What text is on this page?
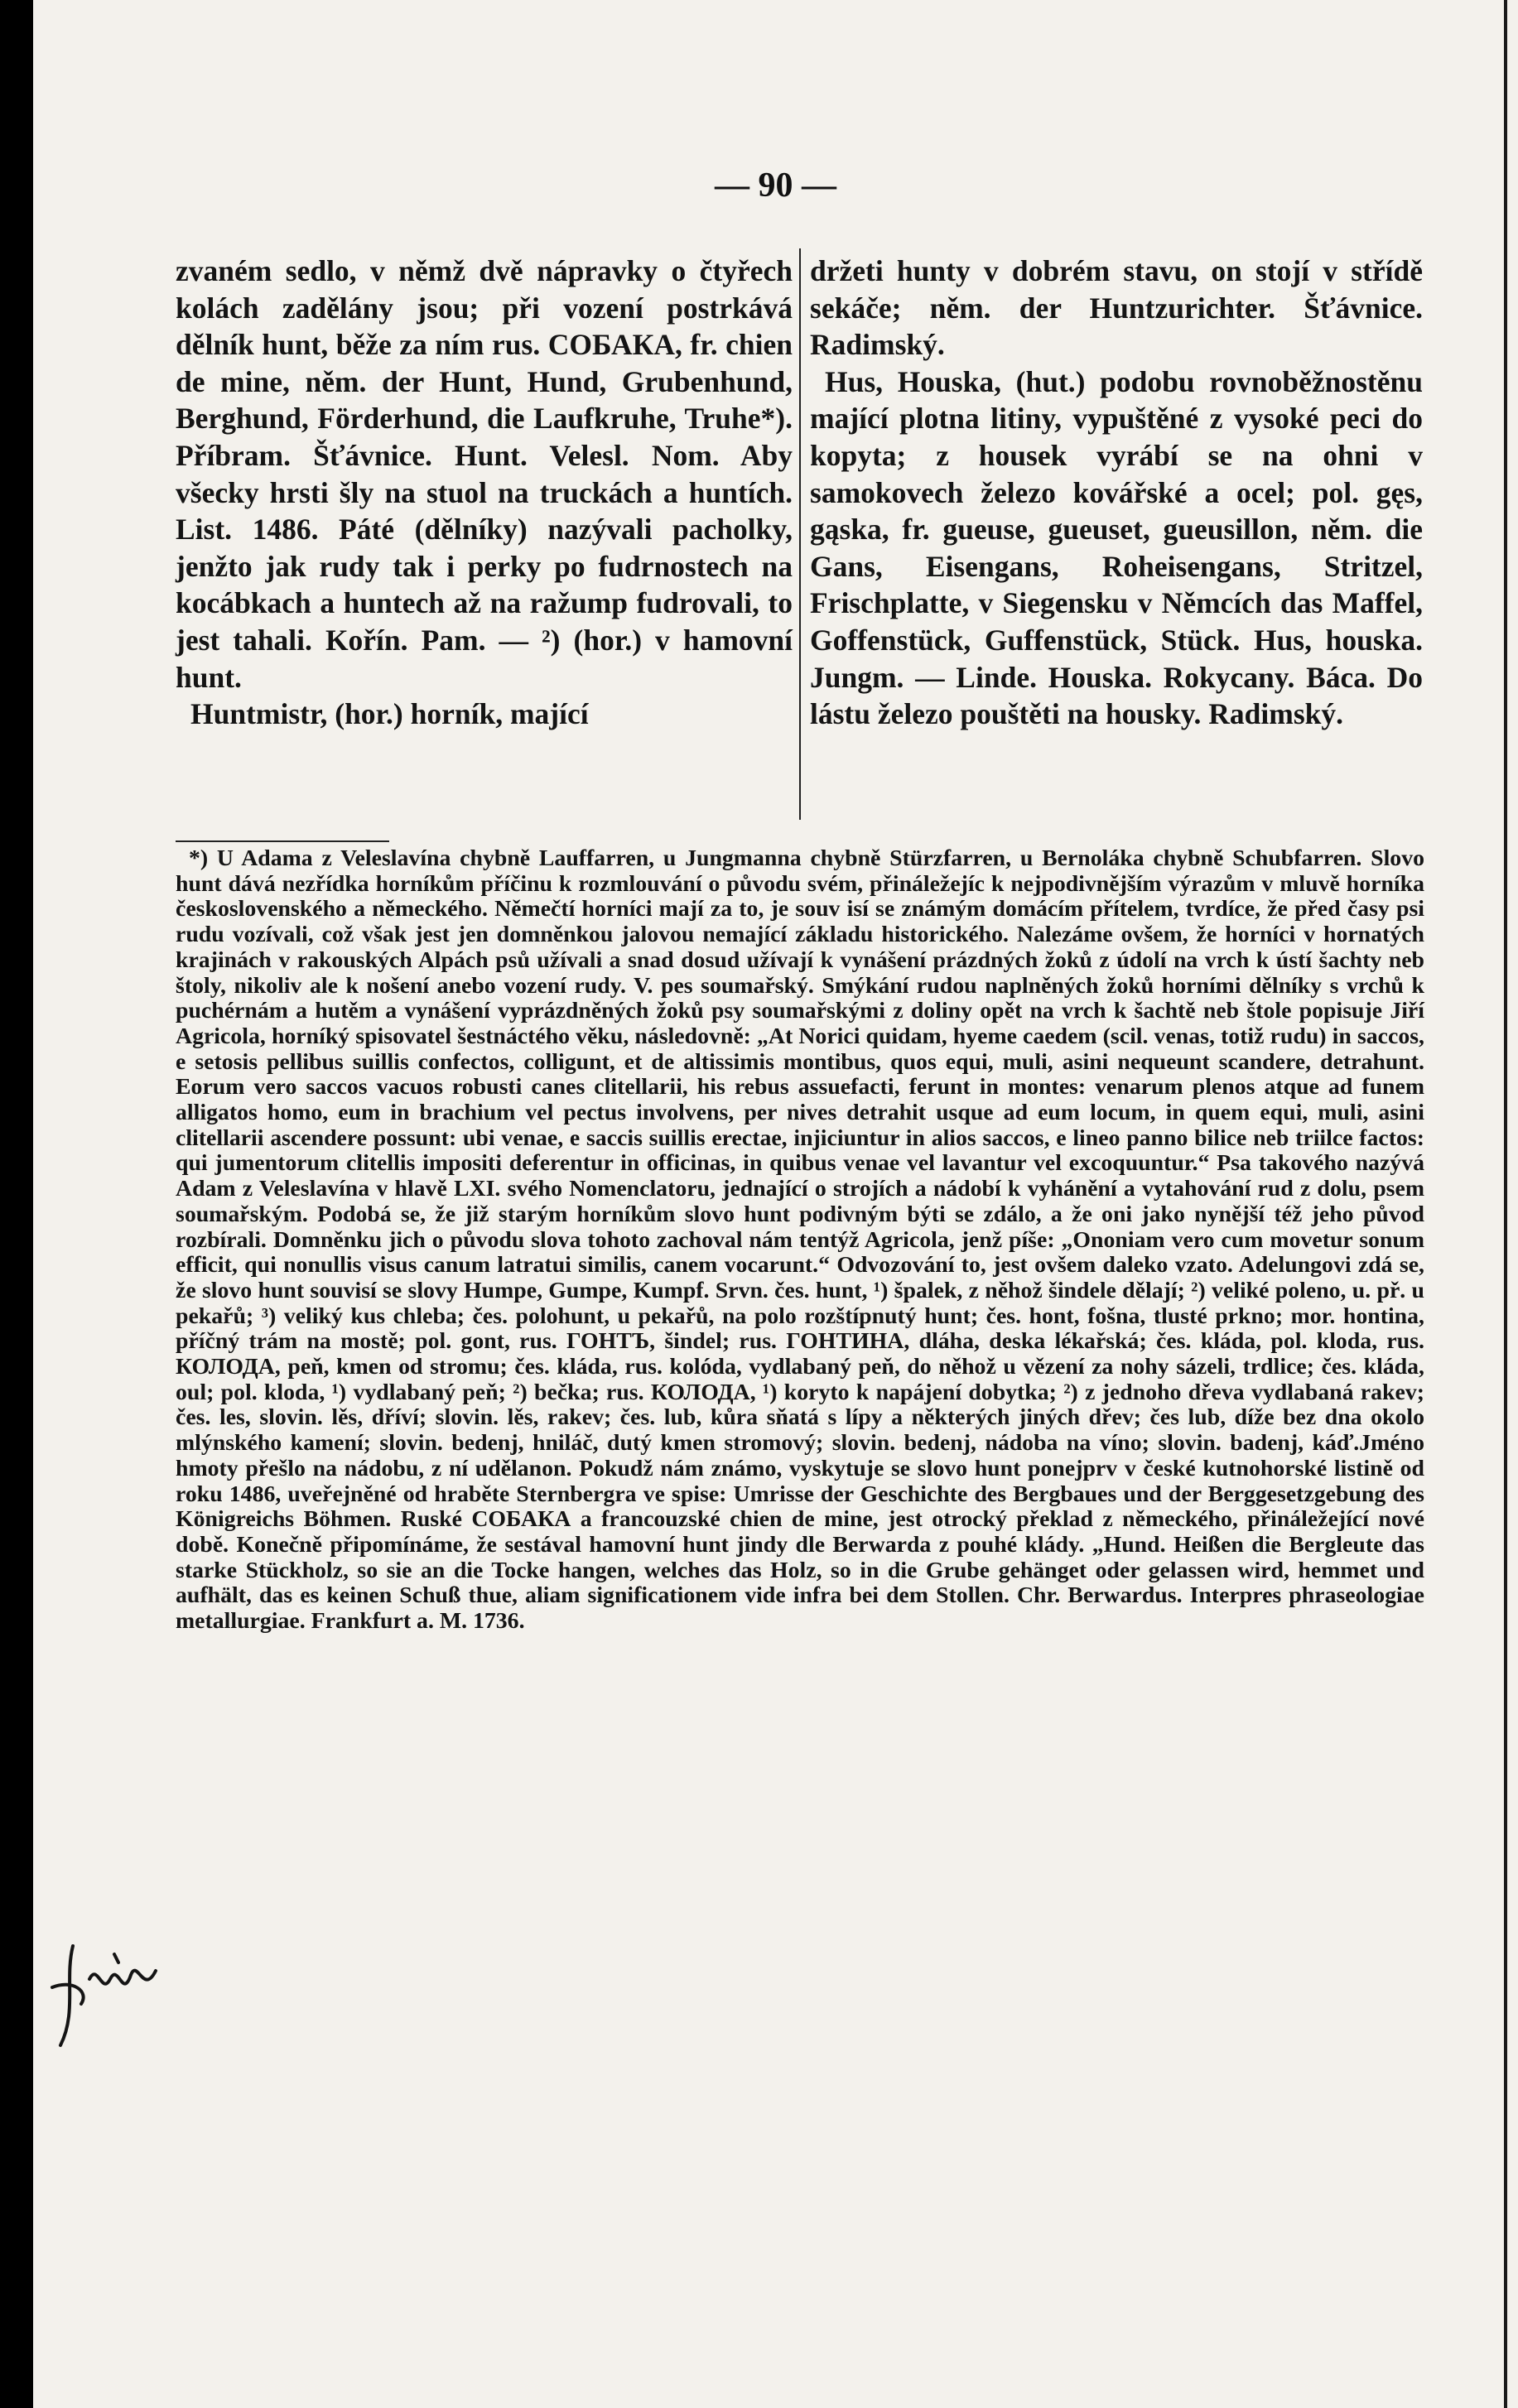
— 90 —

zvaném sedlo, v němž dvě nápravky o čtyřech kolách zadělány jsou; při vození postrkává dělník hunt, běže za ním rus. СОБАКА, fr. chien de mine, něm. der Hunt, Hund, Grubenhund, Berghund, Förderhund, die Laufkruhe, Truhe*). Příbram. Šťávnice. Hunt. Velesl. Nom. Aby všecky hrsti šly na stuol na truckách a huntích. List. 1486. Páté (dělníky) nazývali pacholky, jenžto jak rudy tak i perky po fudrnostech na kocábkach a huntech až na ražump fudrovali, to jest tahali. Kořín. Pam. — ²) (hor.) v hamovní hunt.

Huntmistr, (hor.) horník, mající

držeti hunty v dobrém stavu, on stojí v střídě sekáče; něm. der Huntzurichter. Šťávnice. Radimský.

Hus, Houska, (hut.) podobu rovnoběžnostěnu mající plotna litiny, vypuštěné z vysoké peci do kopyta; z housek vyrábí se na ohni v samokovech železo kovářské a ocel; pol. gęs, gąska, fr. gueuse, gueuset, gueusillon, něm. die Gans, Eisengans, Roheisengans, Stritzel, Frischplatte, v Siegensku v Němcích das Maffel, Goffenstück, Guffenstück, Stück. Hus, houska. Jungm. — Linde. Houska. Rokycany. Báca. Do lástu železo pouštěti na housky. Radimský.

*) U Adama z Veleslavína chybně Lauffarren, u Jungmanna chybně Stürzfarren, u Bernoláka chybně Schubfarren. Slovo hunt dává nezřídka horníkům příčinu k rozmlouvání o původu svém, přináležejíc k nejpodivnějším výrazům v mluvě horníka československého a německého. Němečtí horníci mají za to, je souv isí se známým domácím přítelem, tvrdíce, že před časy psi rudu vozívali, což však jest jen domněnkou jalovou nemající základu historického. Nalezáme ovšem, že horníci v hornatých krajinách v rakouských Alpách psů užívali a snad dosud užívají k vynášení prázdných žoků z údolí na vrch k ústí šachty neb štoly, nikoliv ale k nošení anebo vození rudy. V. pes soumařský. Smýkání rudou naplněných žoků horními dělníky s vrchů k puchérnám a hutěm a vynášení vyprázdněných žoků psy soumařskými z doliny opět na vrch k šachtě neb štole popisuje Jiří Agricola, horníký spisovatel šestnáctého věku, následovně: „At Norici quidam, hyeme caedem (scil. venas, totiž rudu) in saccos, e setosis pellibus suillis confectos, colligunt, et de altissimis montibus, quos equi, muli, asini nequeunt scandere, detrahunt. Eorum vero saccos vacuos robusti canes clitellarii, his rebus assuefacti, ferunt in montes: venarum plenos atque ad funem alligatos homo, eum in brachium vel pectus involvens, per nives detrahit usque ad eum locum, in quem equi, muli, asini clitellarii ascendere possunt: ubi venae, e saccis suillis erectae, injiciuntur in alios saccos, e lineo panno bilice neb triilce factos: qui jumentorum clitellis impositi deferentur in officinas, in quibus venae vel lavantur vel excoquuntur.“ Psa takového nazývá Adam z Veleslavína v hlavě LXI. svého Nomenclatoru, jednající o strojích a nádobí k vyhánění a vytahování rud z dolu, psem soumařským. Podobá se, že již starým horníkům slovo hunt podivným býti se zdálo, a že oni jako nynější též jeho původ rozbírali. Domněnku jich o původu slova tohoto zachoval nám tentýž Agricola, jenž píše: „Ononiam vero cum movetur sonum efficit, qui nonullis visus canum latratui similis, canem vocarunt.“ Odvozování to, jest ovšem daleko vzato. Adelungovi zdá se, že slovo hunt souvisí se slovy Humpe, Gumpe, Kumpf. Srvn. čes. hunt, ¹) špalek, z něhož šindele dělají; ²) veliké poleno, u. př. u pekařů; ³) veliký kus chleba; čes. polohunt, u pekařů, na polo rozštípnutý hunt; čes. hont, fošna, tlusté prkno; mor. hontina, příčný trám na mostě; pol. gont, rus. ГОНТЪ, šindel; rus. ГОНТИНА, dláha, deska lékařská; čes. kláda, pol. kloda, rus. КОЛОДА, peň, kmen od stromu; čes. kláda, rus. kolóda, vydlabaný peň, do něhož u vězení za nohy sázeli, trdlice; čes. kláda, oul; pol. kloda, ¹) vydlabaný peň; ²) bečka; rus. КОЛОДА, ¹) koryto k napájení dobytka; ²) z jednoho dřeva vydlabaná rakev; čes. les, slovin. lěs, dříví; slovin. lěs, rakev; čes. lub, kůra sňatá s lípy a některých jiných dřev; čes lub, díže bez dna okolo mlýnského kamení; slovin. bedenj, hniláč, dutý kmen stromový; slovin. bedenj, nádoba na víno; slovin. badenj, káď.Jméno hmoty přešlo na nádobu, z ní udělanon. Pokudž nám známo, vyskytuje se slovo hunt ponejprv v české kutnohorské listině od roku 1486, uveřejněné od hraběte Sternbergra ve spise: Umrisse der Geschichte des Bergbaues und der Berggesetzgebung des Königreichs Böhmen. Ruské СОБАКА a francouzské chien de mine, jest otrocký překlad z německého, přináležející nové době. Konečně připomínáme, že sestával hamovní hunt jindy dle Berwarda z pouhé klády. „Hund. Heißen die Bergleute das starke Stückholz, so sie an die Tocke hangen, welches das Holz, so in die Grube gehänget oder gelassen wird, hemmet und aufhält, das es keinen Schuß thue, aliam significationem vide infra bei dem Stollen. Chr. Berwardus. Interpres phraseologiae metallurgiae. Frankfurt a. M. 1736.
